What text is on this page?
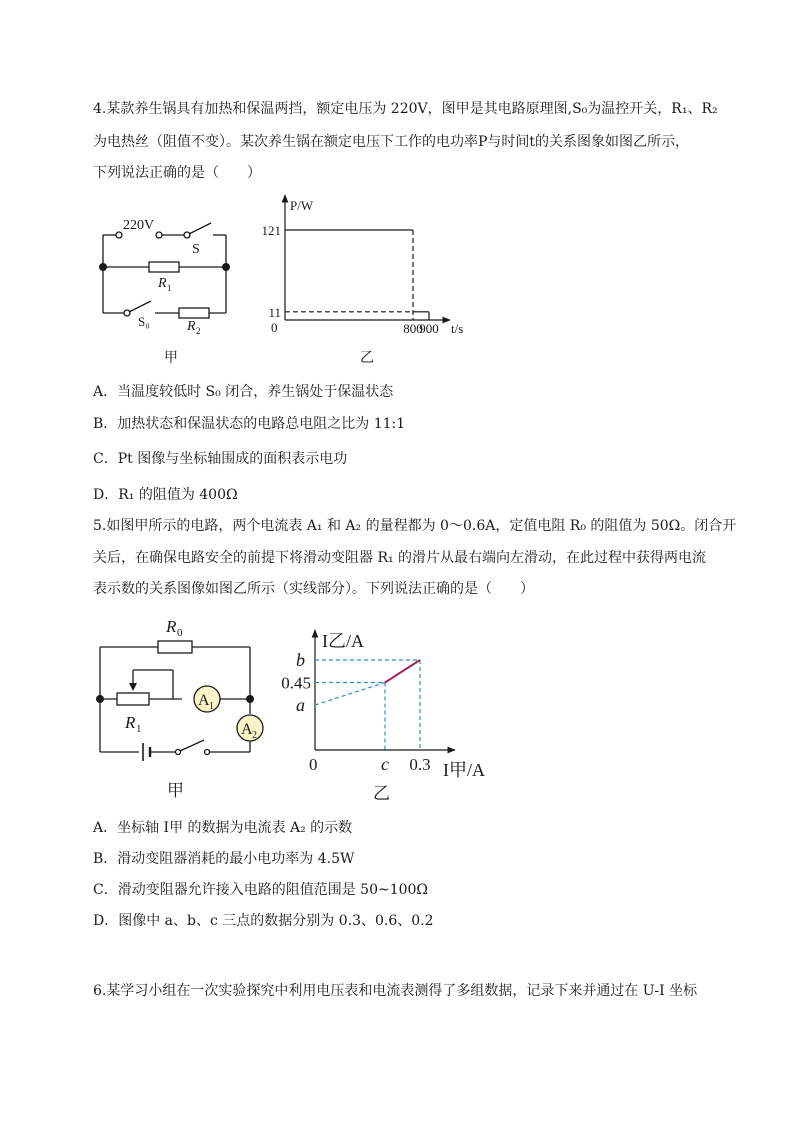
4.某款养生锅具有加热和保温两挡，额定电压为 220V，图甲是其电路原理图,S₀为温控开关，R₁、R₂
为电热丝（阻值不变）。某次养生锅在额定电压下工作的电功率P与时间t的关系图象如图乙所示，
下列说法正确的是（　　）
220V
S
R 1
S₀	R 2
甲
P/W
t/s
0
121
11
800
900
乙
A．当温度较低时 S₀ 闭合，养生锅处于保温状态
B．加热状态和保温状态的电路总电阻之比为 11:1
C．Pt 图像与坐标轴围成的面积表示电功
D．R₁ 的阻值为 400Ω
5.如图甲所示的电路，两个电流表 A₁ 和 A₂ 的量程都为 0～0.6A，定值电阻 R₀ 的阻值为 50Ω。闭合开
关后，在确保电路安全的前提下将滑动变阻器 R₁ 的滑片从最右端向左滑动，在此过程中获得两电流
表示数的关系图像如图乙所示（实线部分）。下列说法正确的是（　　）
R 0
R 1
A 1
A 2
甲
I乙/A
I甲/A
0
b
0.45
a
c 0.3
乙
A．坐标轴 I甲 的数据为电流表 A₂ 的示数
B．滑动变阻器消耗的最小电功率为 4.5W
C．滑动变阻器允许接入电路的阻值范围是 50~100Ω
D．图像中 a、b、c 三点的数据分别为 0.3、0.6、0.2
6.某学习小组在一次实验探究中利用电压表和电流表测得了多组数据，记录下来并通过在 U-I 坐标
